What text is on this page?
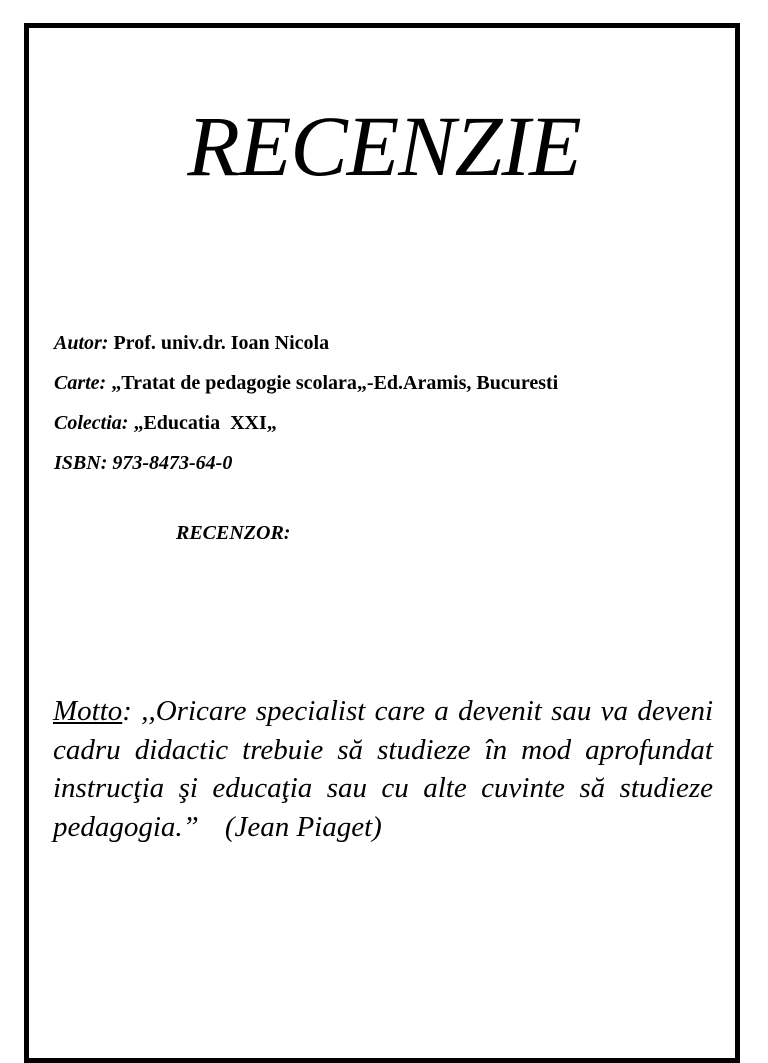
RECENZIE
Autor: Prof. univ.dr. Ioan Nicola
Carte: „Tratat de pedagogie scolara„-Ed.Aramis, Bucuresti
Colectia: „Educatia  XXI„
ISBN: 973-8473-64-0
RECENZOR:
Motto: ,,Oricare specialist care a devenit sau va deveni cadru didactic trebuie să studieze în mod aprofundat instrucţia şi educaţia sau cu alte cuvinte să studieze pedagogia.” (Jean Piaget)
